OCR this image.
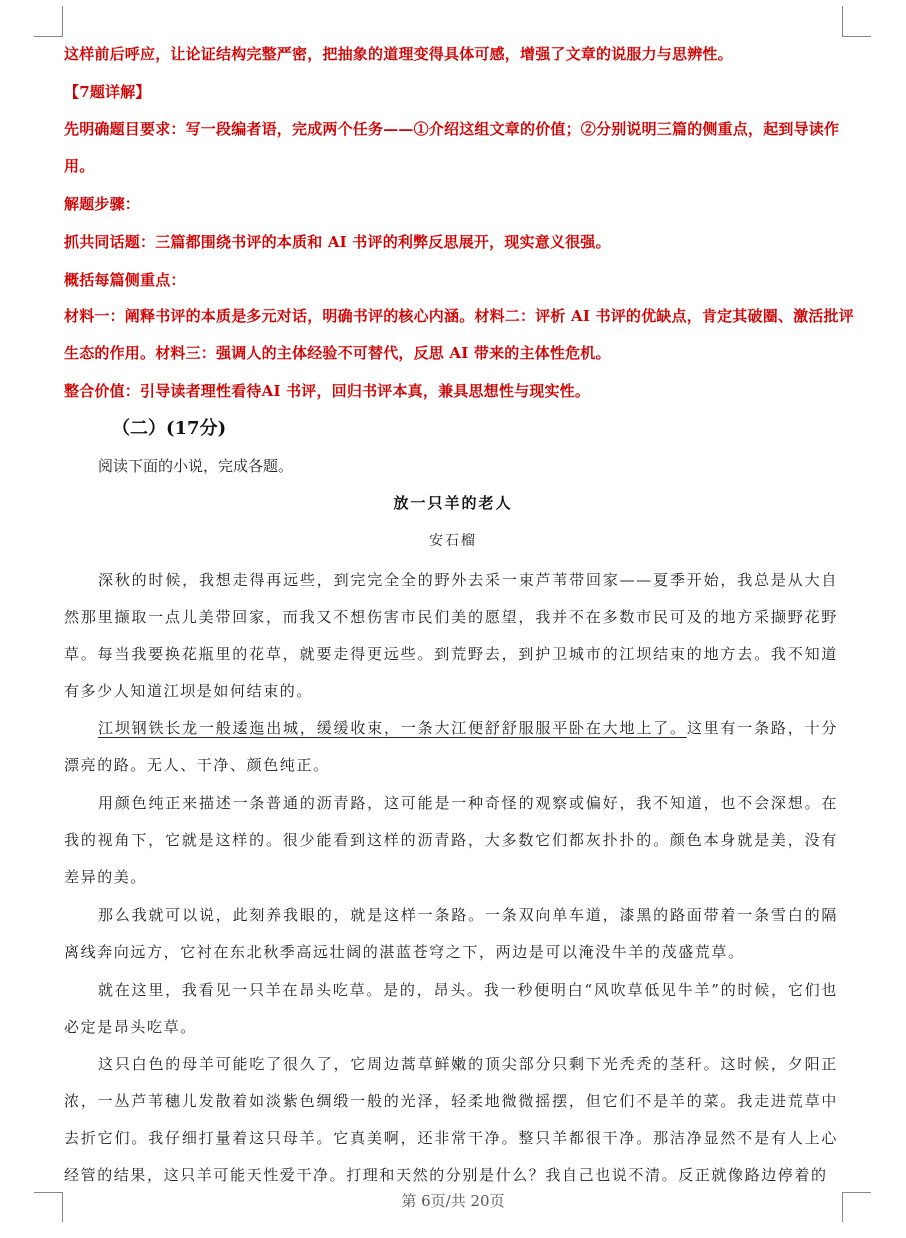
这样前后呼应，让论证结构完整严密，把抽象的道理变得具体可感，增强了文章的说服力与思辨性。
【7题详解】
先明确题目要求：写一段编者语，完成两个任务——①介绍这组文章的价值；②分别说明三篇的侧重点，起到导读作用。
解题步骤：
抓共同话题：三篇都围绕书评的本质和 AI 书评的利弊反思展开，现实意义很强。
概括每篇侧重点：
材料一：阐释书评的本质是多元对话，明确书评的核心内涵。材料二：评析 AI 书评的优缺点，肯定其破圈、激活批评生态的作用。材料三：强调人的主体经验不可替代，反思 AI 带来的主体性危机。
整合价值：引导读者理性看待AI 书评，回归书评本真，兼具思想性与现实性。
（二）(17分)
阅读下面的小说，完成各题。
放一只羊的老人
安石榴
深秋的时候，我想走得再远些，到完完全全的野外去采一束芦苇带回家——夏季开始，我总是从大自然那里撷取一点儿美带回家，而我又不想伤害市民们美的愿望，我并不在多数市民可及的地方采撷野花野草。每当我要换花瓶里的花草，就要走得更远些。到荒野去，到护卫城市的江坝结束的地方去。我不知道有多少人知道江坝是如何结束的。
江坝钢铁长龙一般逶迤出城，缓缓收束，一条大江便舒舒服服平卧在大地上了。这里有一条路，十分漂亮的路。无人、干净、颜色纯正。
用颜色纯正来描述一条普通的沥青路，这可能是一种奇怪的观察或偏好，我不知道，也不会深想。在我的视角下，它就是这样的。很少能看到这样的沥青路，大多数它们都灰扑扑的。颜色本身就是美，没有差异的美。
那么我就可以说，此刻养我眼的，就是这样一条路。一条双向单车道，漆黑的路面带着一条雪白的隔离线奔向远方，它衬在东北秋季高远壮阔的湛蓝苍穹之下，两边是可以淹没牛羊的茂盛荒草。
就在这里，我看见一只羊在昂头吃草。是的，昂头。我一秒便明白“风吹草低见牛羊”的时候，它们也必定是昂头吃草。
这只白色的母羊可能吃了很久了，它周边蒿草鲜嫩的顶尖部分只剩下光秃秃的茎秆。这时候，夕阳正浓，一丛芦苇穗儿发散着如淡紫色绸缎一般的光泽，轻柔地微微摇摆，但它们不是羊的菜。我走进荒草中去折它们。我仔细打量着这只母羊。它真美啊，还非常干净。整只羊都很干净。那洁净显然不是有人上心经管的结果，这只羊可能天性爱干净。打理和天然的分别是什么？我自己也说不清。反正就像路边停着的
第 6页/共 20页
